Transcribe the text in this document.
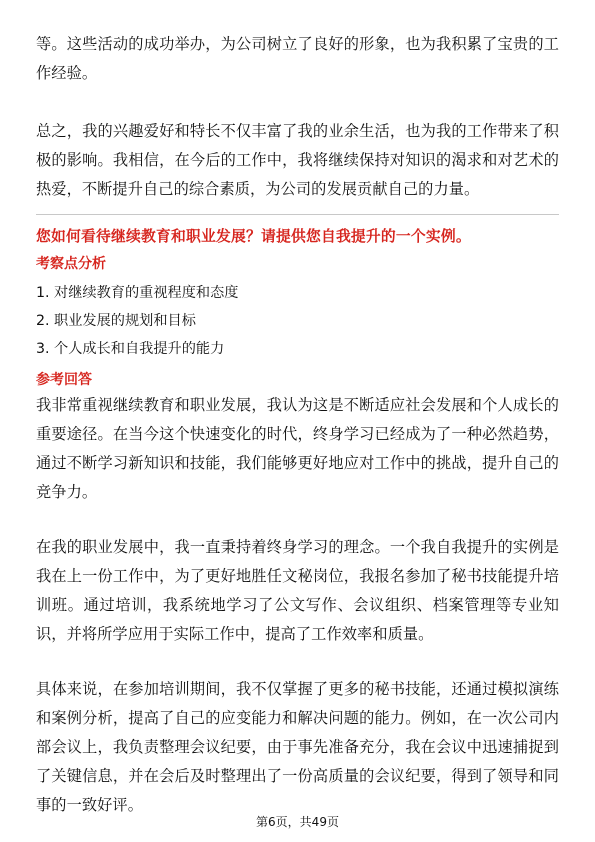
等。这些活动的成功举办，为公司树立了良好的形象，也为我积累了宝贵的工作经验。

总之，我的兴趣爱好和特长不仅丰富了我的业余生活，也为我的工作带来了积极的影响。我相信，在今后的工作中，我将继续保持对知识的渴求和对艺术的热爱，不断提升自己的综合素质，为公司的发展贡献自己的力量。

您如何看待继续教育和职业发展？请提供您自我提升的一个实例。

考察点分析
1. 对继续教育的重视程度和态度
2. 职业发展的规划和目标
3. 个人成长和自我提升的能力
参考回答

我非常重视继续教育和职业发展，我认为这是不断适应社会发展和个人成长的重要途径。在当今这个快速变化的时代，终身学习已经成为了一种必然趋势，通过不断学习新知识和技能，我们能够更好地应对工作中的挑战，提升自己的竞争力。

在我的职业发展中，我一直秉持着终身学习的理念。一个我自我提升的实例是我在上一份工作中，为了更好地胜任文秘岗位，我报名参加了秘书技能提升培训班。通过培训，我系统地学习了公文写作、会议组织、档案管理等专业知识，并将所学应用于实际工作中，提高了工作效率和质量。

具体来说，在参加培训期间，我不仅掌握了更多的秘书技能，还通过模拟演练和案例分析，提高了自己的应变能力和解决问题的能力。例如，在一次公司内部会议上，我负责整理会议纪要，由于事先准备充分，我在会议中迅速捕捉到了关键信息，并在会后及时整理出了一份高质量的会议纪要，得到了领导和同事的一致好评。

第6页，共49页
